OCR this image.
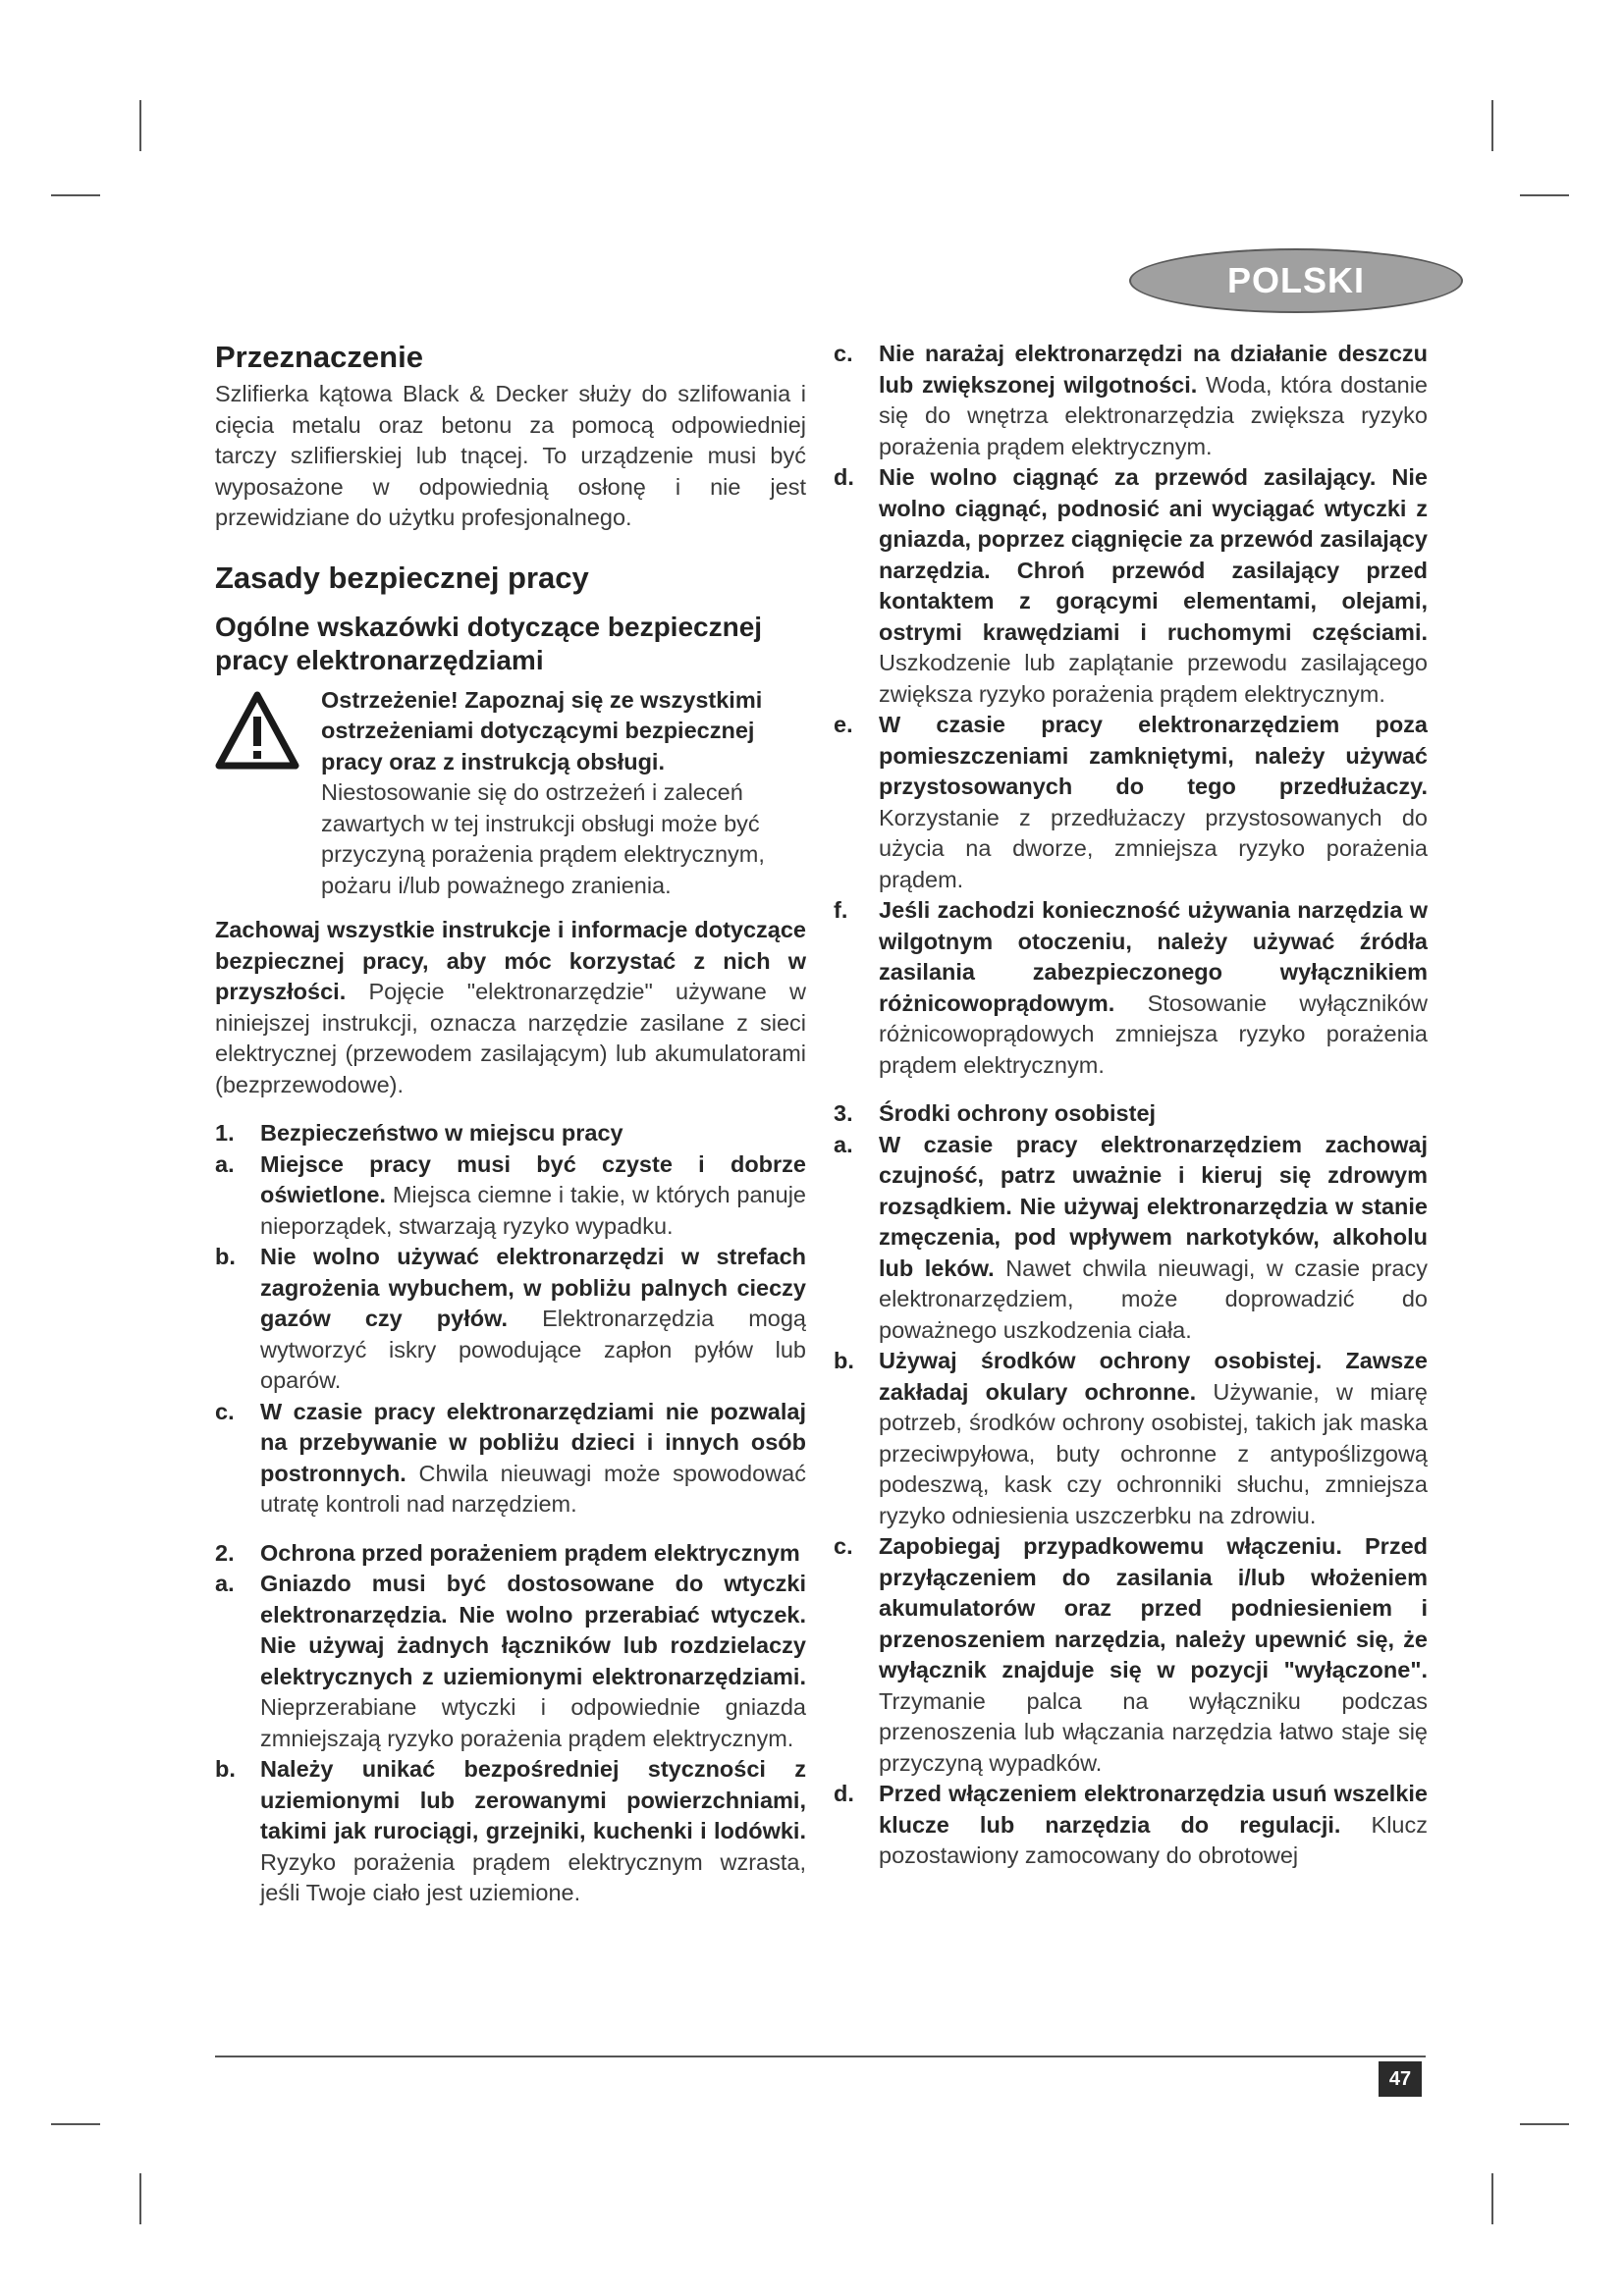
POLSKI
Przeznaczenie

Szlifierka kątowa Black & Decker służy do szlifowania i cięcia metalu oraz betonu za pomocą odpowiedniej tarczy szlifierskiej lub tnącej. To urządzenie musi być wyposażone w odpowiednią osłonę i nie jest przewidziane do użytku profesjonalnego.

Zasady bezpiecznej pracy
Ogólne wskazówki dotyczące bezpiecznej pracy elektronarzędziami
Ostrzeżenie! Zapoznaj się ze wszystkimi ostrzeżeniami dotyczącymi bezpiecznej pracy oraz z instrukcją obsługi. Niestosowanie się do ostrzeżeń i zaleceń zawartych w tej instrukcji obsługi może być przyczyną porażenia prądem elektrycznym, pożaru i/lub poważnego zranienia.

Zachowaj wszystkie instrukcje i informacje dotyczące bezpiecznej pracy, aby móc korzystać z nich w przyszłości. Pojęcie "elektronarzędzie" używane w niniejszej instrukcji, oznacza narzędzie zasilane z sieci elektrycznej (przewodem zasilającym) lub akumulatorami (bezprzewodowe).

1.	Bezpieczeństwo w miejscu pracy
a.	Miejsce pracy musi być czyste i dobrze oświetlone. Miejsca ciemne i takie, w których panuje nieporządek, stwarzają ryzyko wypadku.
b.	Nie wolno używać elektronarzędzi w strefach zagrożenia wybuchem, w pobliżu palnych cieczy gazów czy pyłów. Elektronarzędzia mogą wytworzyć iskry powodujące zapłon pyłów lub oparów.
c.	W czasie pracy elektronarzędziami nie pozwalaj na przebywanie w pobliżu dzieci i innych osób postronnych. Chwila nieuwagi może spowodować utratę kontroli nad narzędziem.
2.	Ochrona przed porażeniem prądem elektrycznym
a.	Gniazdo musi być dostosowane do wtyczki elektronarzędzia. Nie wolno przerabiać wtyczek. Nie używaj żadnych łączników lub rozdzielaczy elektrycznych z uziemionymi elektronarzędziami. Nieprzerabiane wtyczki i odpowiednie gniazda zmniejszają ryzyko porażenia prądem elektrycznym.
b.	Należy unikać bezpośredniej styczności z uziemionymi lub zerowanymi powierzchniami, takimi jak rurociągi, grzejniki, kuchenki i lodówki. Ryzyko porażenia prądem elektrycznym wzrasta, jeśli Twoje ciało jest uziemione.
c.	Nie narażaj elektronarzędzi na działanie deszczu lub zwiększonej wilgotności. Woda, która dostanie się do wnętrza elektronarzędzia zwiększa ryzyko porażenia prądem elektrycznym.
d.	Nie wolno ciągnąć za przewód zasilający. Nie wolno ciągnąć, podnosić ani wyciągać wtyczki z gniazda, poprzez ciągnięcie za przewód zasilający narzędzia. Chroń przewód zasilający przed kontaktem z gorącymi elementami, olejami, ostrymi krawędziami i ruchomymi częściami. Uszkodzenie lub zaplątanie przewodu zasilającego zwiększa ryzyko porażenia prądem elektrycznym.
e.	W czasie pracy elektronarzędziem poza pomieszczeniami zamkniętymi, należy używać przystosowanych do tego przedłużaczy. Korzystanie z przedłużaczy przystosowanych do użycia na dworze, zmniejsza ryzyko porażenia prądem.
f.	Jeśli zachodzi konieczność używania narzędzia w wilgotnym otoczeniu, należy używać źródła zasilania zabezpieczonego wyłącznikiem różnicowoprądowym. Stosowanie wyłączników różnicowoprądowych zmniejsza ryzyko porażenia prądem elektrycznym.
3.	Środki ochrony osobistej
a.	W czasie pracy elektronarzędziem zachowaj czujność, patrz uważnie i kieruj się zdrowym rozsądkiem. Nie używaj elektronarzędzia w stanie zmęczenia, pod wpływem narkotyków, alkoholu lub leków. Nawet chwila nieuwagi, w czasie pracy elektronarzędziem, może doprowadzić do poważnego uszkodzenia ciała.
b.	Używaj środków ochrony osobistej. Zawsze zakładaj okulary ochronne. Używanie, w miarę potrzeb, środków ochrony osobistej, takich jak maska przeciwpyłowa, buty ochronne z antypoślizgową podeszwą, kask czy ochronniki słuchu, zmniejsza ryzyko odniesienia uszczerbku na zdrowiu.
c.	Zapobiegaj przypadkowemu włączeniu. Przed przyłączeniem do zasilania i/lub włożeniem akumulatorów oraz przed podniesieniem i przenoszeniem narzędzia, należy upewnić się, że wyłącznik znajduje się w pozycji "wyłączone". Trzymanie palca na wyłączniku podczas przenoszenia lub włączania narzędzia łatwo staje się przyczyną wypadków.
d.	Przed włączeniem elektronarzędzia usuń wszelkie klucze lub narzędzia do regulacji. Klucz pozostawiony zamocowany do obrotowej
47
